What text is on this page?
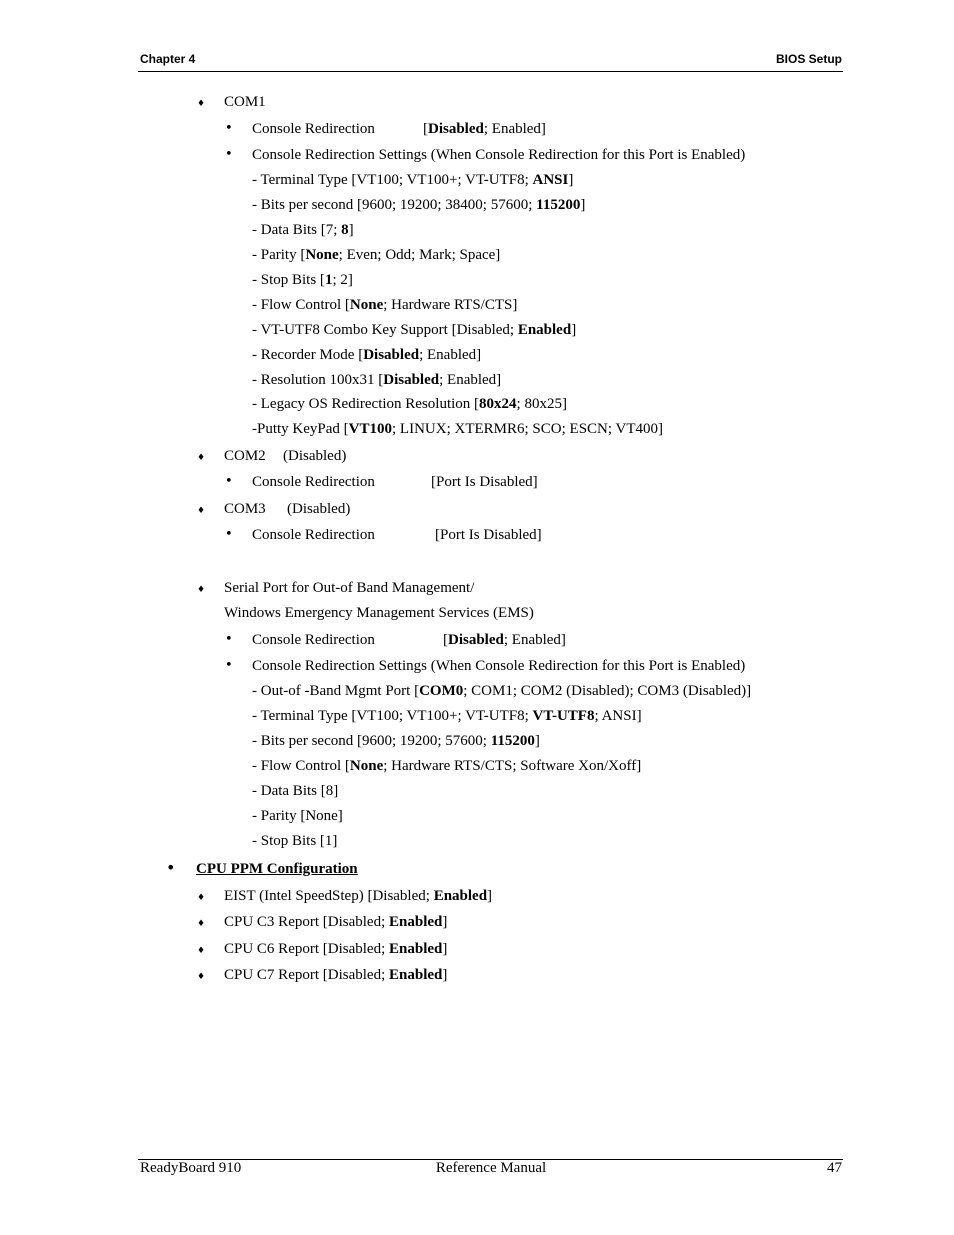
Chapter 4	BIOS Setup
♦ COM1
• Console Redirection	[Disabled; Enabled]
• Console Redirection Settings (When Console Redirection for this Port is Enabled)
- Terminal Type [VT100; VT100+; VT-UTF8; ANSI]
- Bits per second [9600; 19200; 38400; 57600; 115200]
- Data Bits [7; 8]
- Parity [None; Even; Odd; Mark; Space]
- Stop Bits [1; 2]
- Flow Control [None; Hardware RTS/CTS]
- VT-UTF8 Combo Key Support [Disabled; Enabled]
- Recorder Mode [Disabled; Enabled]
- Resolution 100x31 [Disabled; Enabled]
- Legacy OS Redirection Resolution [80x24; 80x25]
-Putty KeyPad [VT100; LINUX; XTERMR6; SCO; ESCN; VT400]
♦ COM2 (Disabled)
• Console Redirection	[Port Is Disabled]
♦ COM3 (Disabled)
• Console Redirection	[Port Is Disabled]
♦ Serial Port for Out-of Band Management/
Windows Emergency Management Services (EMS)
• Console Redirection	[Disabled; Enabled]
• Console Redirection Settings (When Console Redirection for this Port is Enabled)
- Out-of -Band Mgmt Port [COM0; COM1; COM2 (Disabled); COM3 (Disabled)]
- Terminal Type [VT100; VT100+; VT-UTF8; VT-UTF8; ANSI]
- Bits per second [9600; 19200; 57600; 115200]
- Flow Control [None; Hardware RTS/CTS; Software Xon/Xoff]
- Data Bits [8]
- Parity [None]
- Stop Bits [1]
• CPU PPM Configuration
♦ EIST (Intel SpeedStep) [Disabled; Enabled]
♦ CPU C3 Report [Disabled; Enabled]
♦ CPU C6 Report [Disabled; Enabled]
♦ CPU C7 Report [Disabled; Enabled]
ReadyBoard 910	Reference Manual	47
